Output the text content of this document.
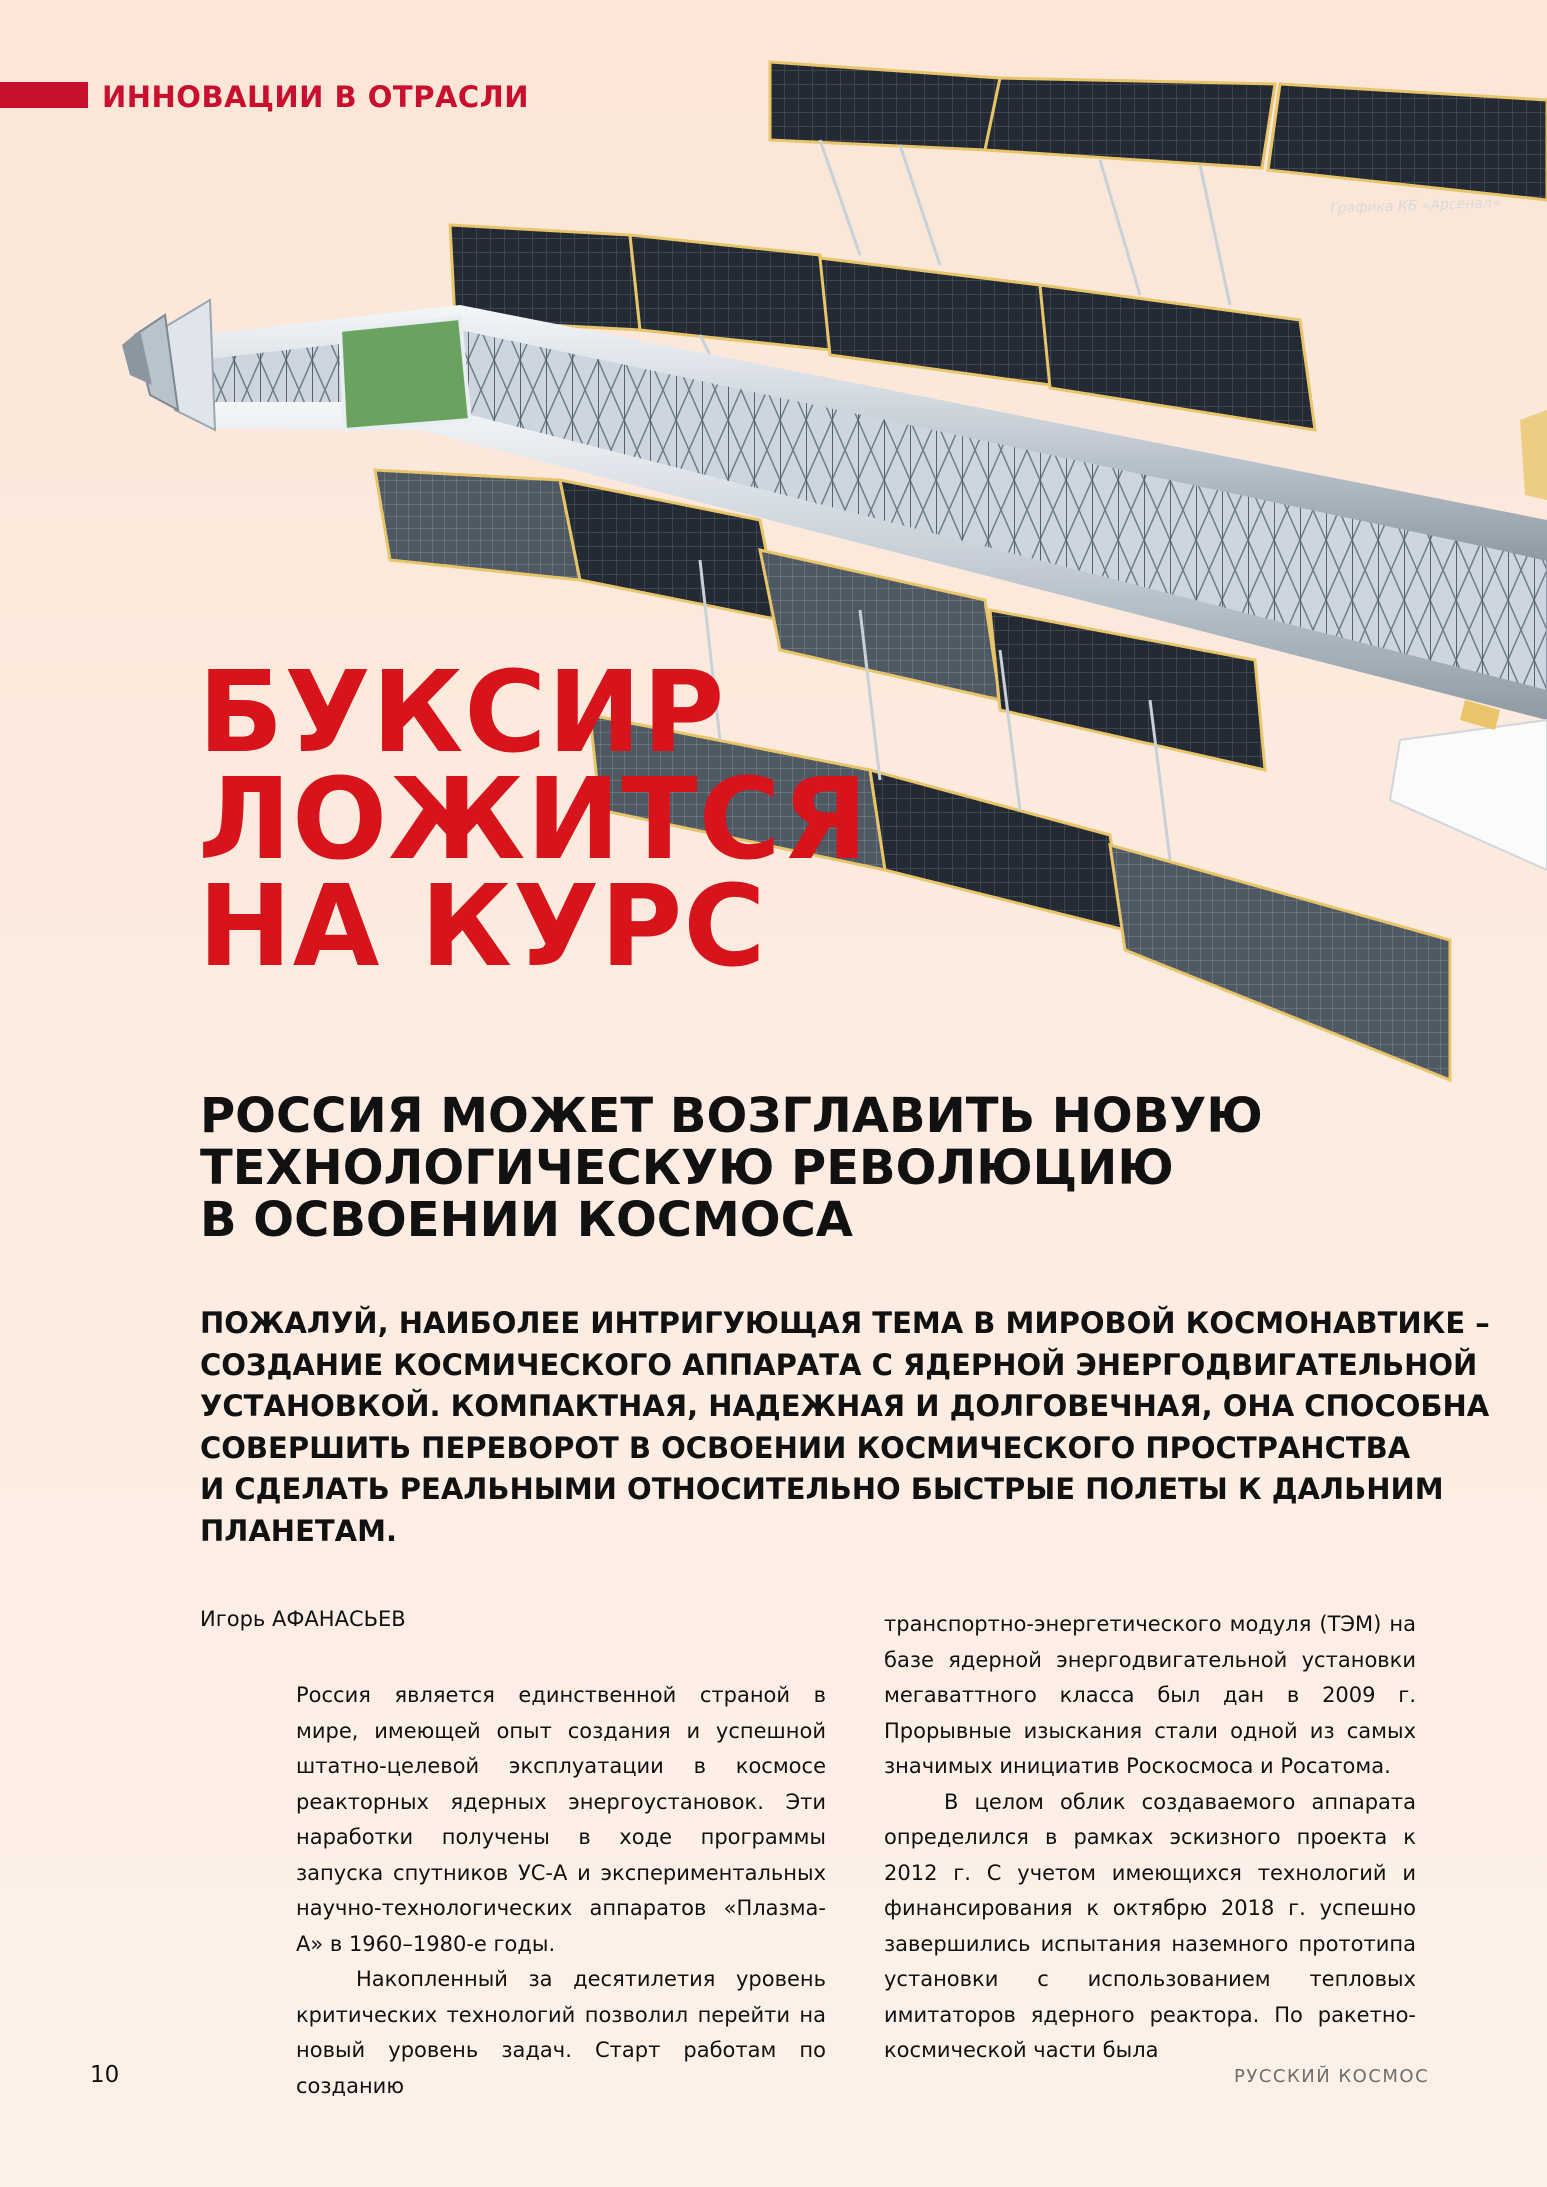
ИННОВАЦИИ В ОТРАСЛИ
Графика КБ «Арсенал»
БУКСИР
ЛОЖИТСЯ
НА КУРС
РОССИЯ МОЖЕТ ВОЗГЛАВИТЬ НОВУЮ
ТЕХНОЛОГИЧЕСКУЮ РЕВОЛЮЦИЮ
В ОСВОЕНИИ КОСМОСА
ПОЖАЛУЙ, НАИБОЛЕЕ ИНТРИГУЮЩАЯ ТЕМА В МИРОВОЙ КОСМОНАВТИКЕ –
СОЗДАНИЕ КОСМИЧЕСКОГО АППАРАТА С ЯДЕРНОЙ ЭНЕРГОДВИГАТЕЛЬНОЙ
УСТАНОВКОЙ. КОМПАКТНАЯ, НАДЕЖНАЯ И ДОЛГОВЕЧНАЯ, ОНА СПОСОБНА
СОВЕРШИТЬ ПЕРЕВОРОТ В ОСВОЕНИИ КОСМИЧЕСКОГО ПРОСТРАНСТВА
И СДЕЛАТЬ РЕАЛЬНЫМИ ОТНОСИТЕЛЬНО БЫСТРЫЕ ПОЛЕТЫ К ДАЛЬНИМ
ПЛАНЕТАМ.
Игорь АФАНАСЬЕВ

Россия является единственной страной в мире, имеющей опыт создания и успешной штатно-целевой эксплуатации в космосе реакторных ядерных энергоустановок. Эти наработки получены в ходе программы запуска спутников УС-А и экспериментальных научно-технологических аппаратов «Плазма-А» в 1960–1980-е годы.

Накопленный за десятилетия уровень критических технологий позволил перейти на новый уровень задач. Старт работам по созданию

транспортно-энергетического модуля (ТЭМ) на базе ядерной энергодвигательной установки мегаваттного класса был дан в 2009 г. Прорывные изыскания стали одной из самых значимых инициатив Роскосмоса и Росатома.

В целом облик создаваемого аппарата определился в рамках эскизного проекта к 2012 г. С учетом имеющихся технологий и финансирования к октябрю 2018 г. успешно завершились испытания наземного прототипа установки с использованием тепловых имитаторов ядерного реактора. По ракетно-космической части была

10	РУССКИЙ КОСМОС
